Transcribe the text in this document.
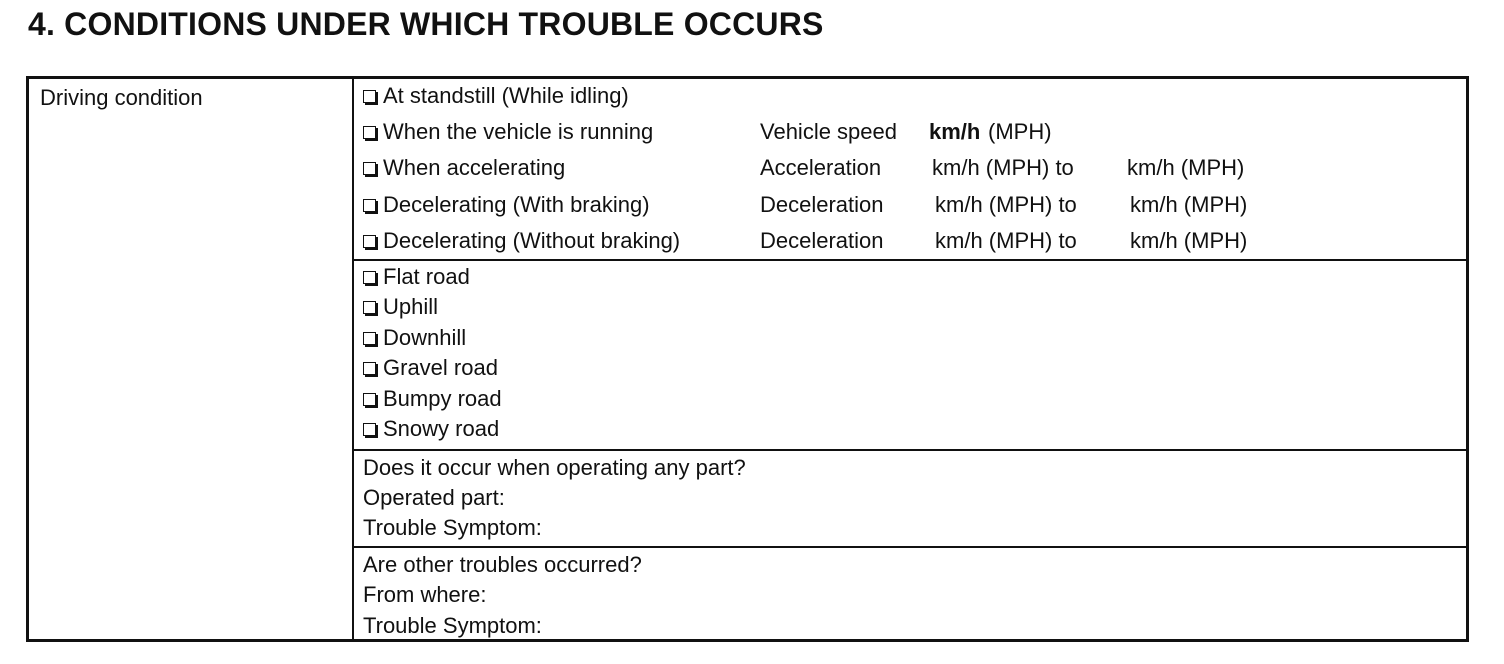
4. CONDITIONS UNDER WHICH TROUBLE OCCURS
Driving condition	At standstill (While idling)
When the vehicle is running	Vehicle speed km/h (MPH)
When accelerating	Acceleration km/h (MPH) to km/h (MPH)
Decelerating (With braking)	Deceleration km/h (MPH) to km/h (MPH)
Decelerating (Without braking)	Deceleration km/h (MPH) to km/h (MPH)
Flat road
Uphill
Downhill
Gravel road
Bumpy road
Snowy road
Does it occur when operating any part?
Operated part:
Trouble Symptom:
Are other troubles occurred?
From where:
Trouble Symptom:
